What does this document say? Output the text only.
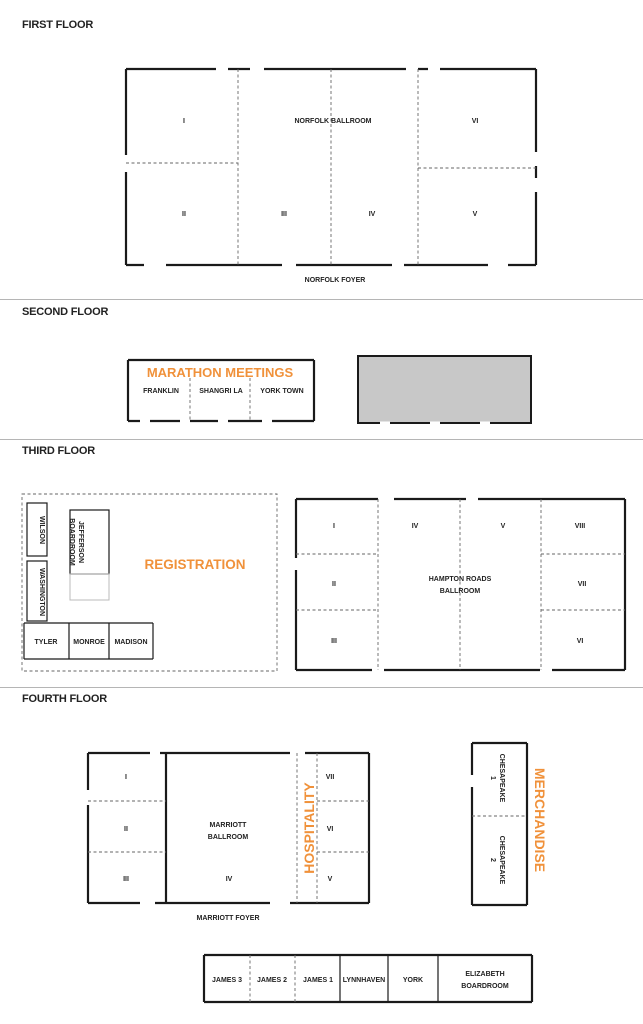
FIRST FLOOR
SECOND FLOOR
THIRD FLOOR
FOURTH FLOOR
I
II	III	IV	V
VI
NORFOLK BALLROOM
NORFOLK FOYER
MARATHON MEETINGS
FRANKLIN	SHANGRI LA	YORK TOWN
REGISTRATION
WILSON	JEFFERSONBOARDROOM
WASHINGTON
TYLER MONROE MADISON
I
II
III
IV	V
VI
VII
VIII
HAMPTON ROADS BALLROOM
I
II
III	IV	V
VI
VII
MARRIOTT BALLROOM
MARRIOTT FOYER
HOSPITALITY
CHESAPEAKE1
CHESAPEAKE2	MERCHANDISE
JAMES 3 JAMES 2 JAMES 1 LYNNHAVEN	YORK
ELIZABETH BOARDROOM
